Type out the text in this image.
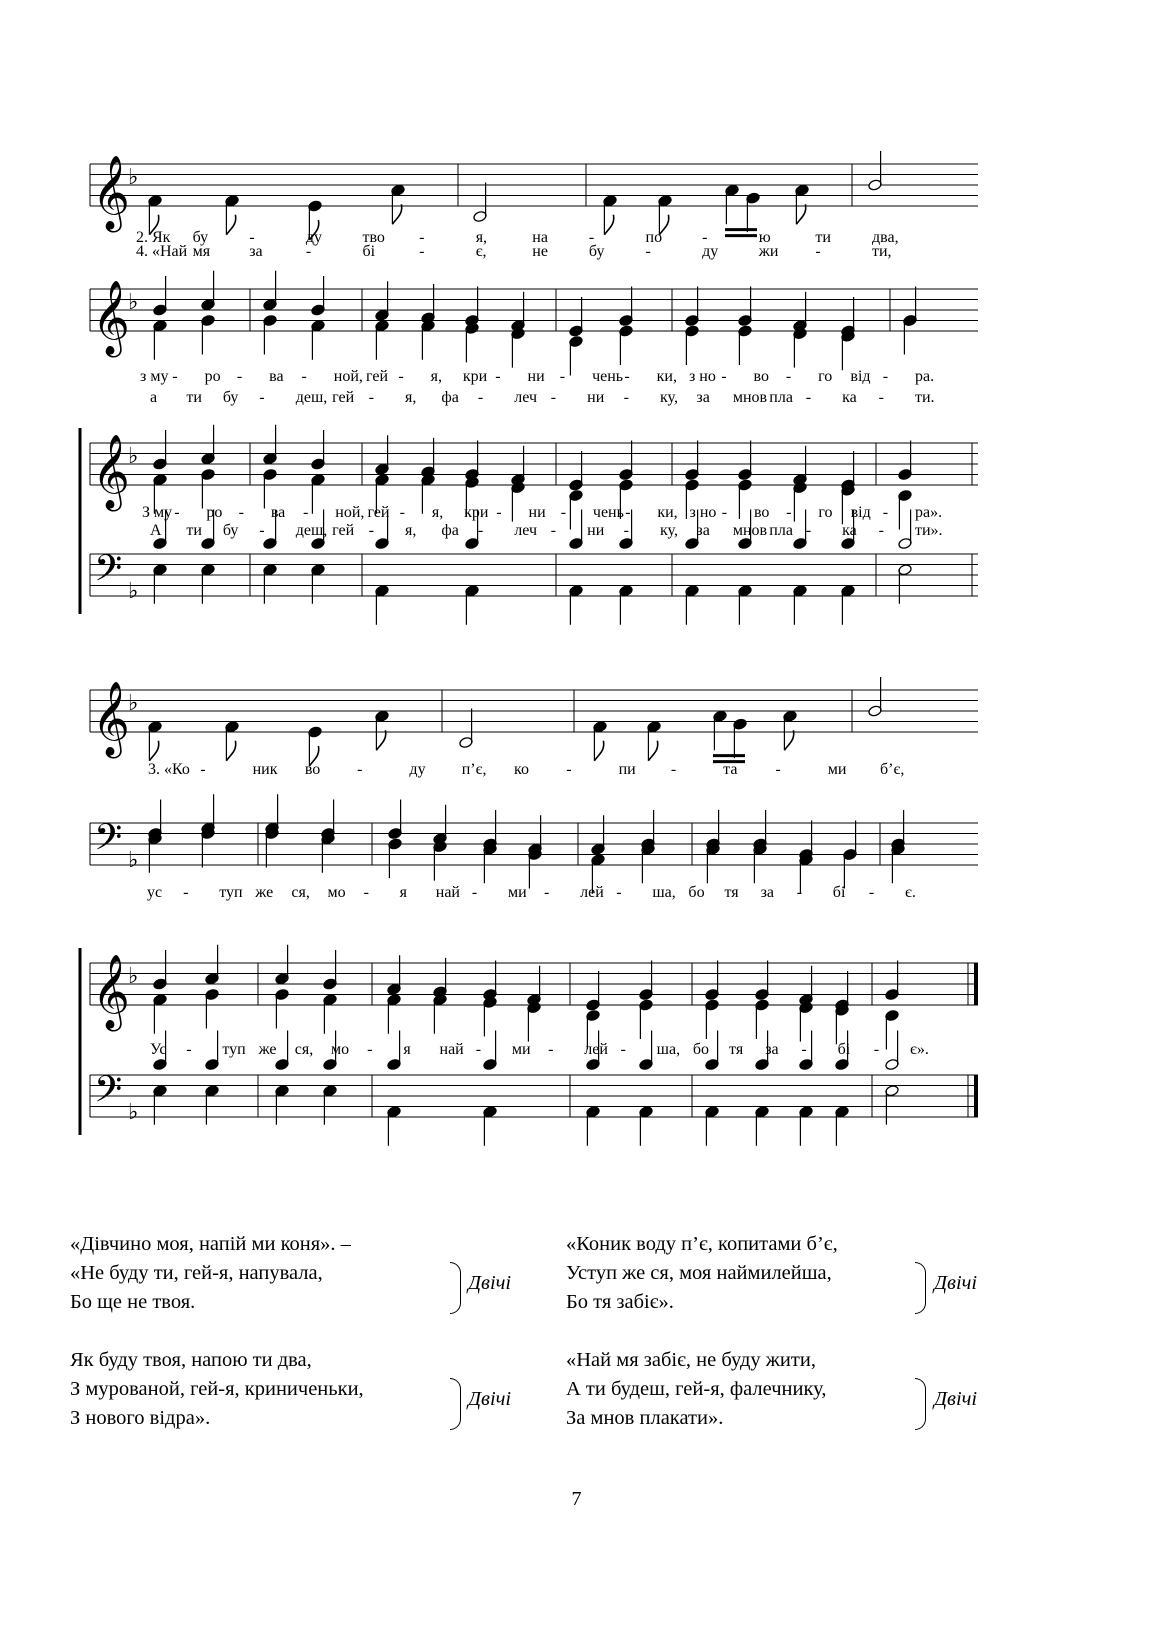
𝄞
♭
2. Як бу	-	ду	тво -	я,	на	-	по	-	ю	ти	два,
4. «Най мя за	-	бі	-	є,	не	бу	-	ду	жи -	ти,
𝄞
♭
з му - ро - ва - ной, гей - я, кри - ни - чень - ки, з но - во - го від - ра.
а ти бу - деш, гей - я, фа - леч - ни - ку, за мнов пла - ка - ти.
𝄞
♭
𝄢 ♭
З му - ро - ва - ной, гей - я, кри - ни - чень - ки, з но - во - го від - ра».
А ти бу - деш, гей - я, фа - леч - ни - ку, за мнов пла - ка - ти».
𝄞
♭
3. «Ко -	ник во -	ду п’є, ко -	пи -	та -	ми б’є,
𝄢 ♭
ус - туп же ся, мо - я най - ми - лей - ша, бо тя за - бі - є.
𝄞
♭
𝄢 ♭
Ус - туп же ся, мо - я най - ми - лей - ша, бо тя за - бі - є».
«Дівчино моя, напій ми коня». –
«Не буду ти, гей-я, напувала,
Бо ще не твоя.
Двічі
Як буду твоя, напою ти два,
З мурованой, гей-я, криниченьки,
З нового відра».
Двічі
«Коник воду п’є, копитами б’є,
Уступ же ся, моя наймилейша,
Бо тя забіє».
Двічі
«Най мя забіє, не буду жити,
А ти будеш, гей-я, фалечнику,
За мнов плакати».
Двічі
7
